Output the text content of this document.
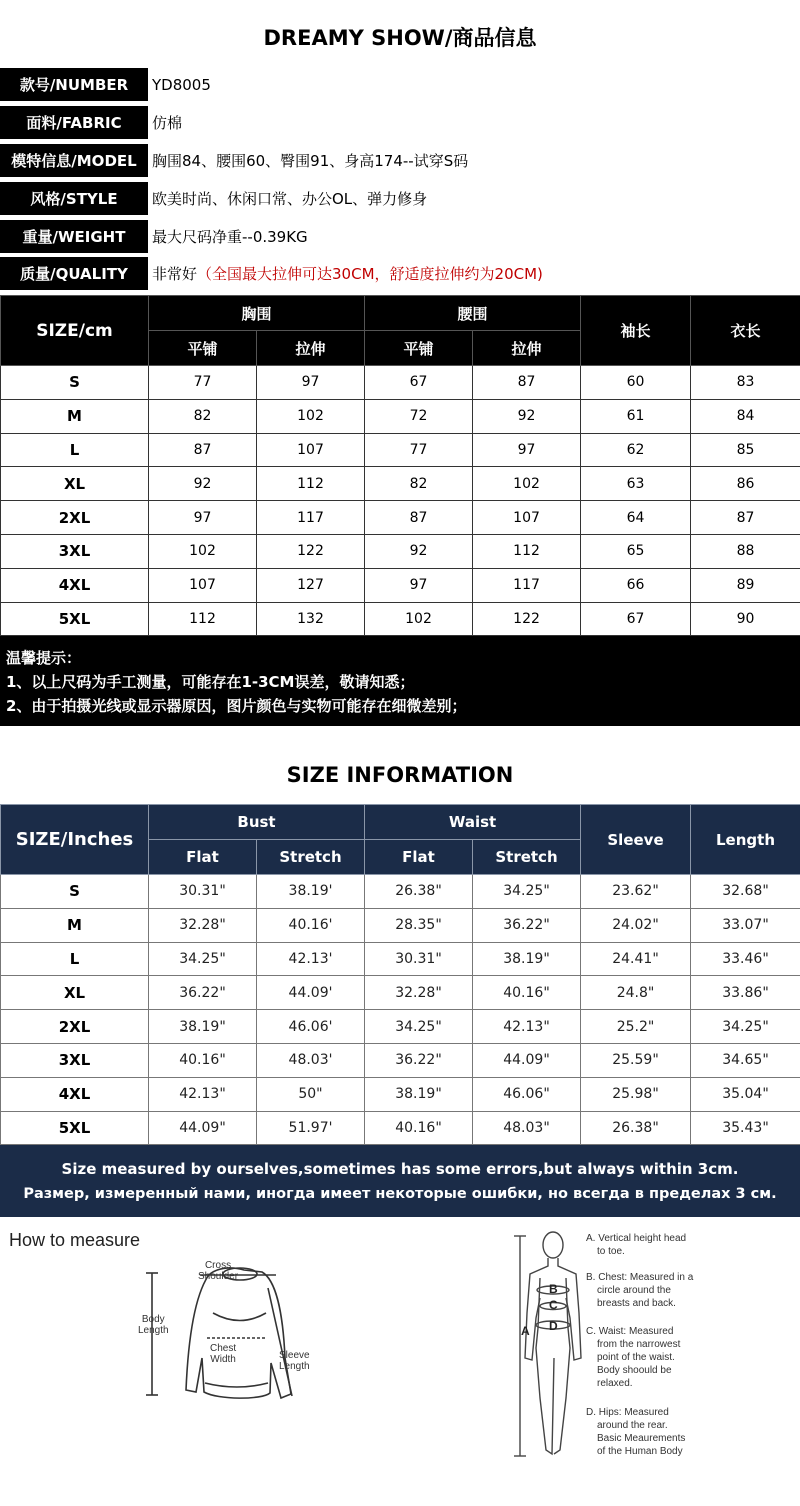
DREAMY SHOW/商品信息
款号/NUMBER	YD8005
面料/FABRIC	仿棉
模特信息/MODEL	胸围84、腰围60、臀围91、身高174--试穿S码
风格/STYLE	欧美时尚、休闲口常、办公OL、弹力修身
重量/WEIGHT	最大尺码净重--0.39KG
质量/QUALITY	非常好（全国最大拉伸可达30CM，舒适度拉伸约为20CM)
SIZE/cm	胸围		腰围		袖长	衣长
	平铺	拉伸	平铺	拉伸		
S	77	97	67	87	60	83
M	82	102	72	92	61	84
L	87	107	77	97	62	85
XL	92	112	82	102	63	86
2XL	97	117	87	107	64	87
3XL	102	122	92	112	65	88
4XL	107	127	97	117	66	89
5XL	112	132	102	122	67	90
温馨提示：
1、以上尺码为手工测量，可能存在1-3CM误差，敬请知悉；
2、由于拍摄光线或显示器原因，图片颜色与实物可能存在细微差别；
SIZE INFORMATION
SIZE/Inches	Bust		Waist		Sleeve	Length
	Flat	Stretch	Flat	Stretch		
S	30.31"	38.19'	26.38"	34.25"	23.62"	32.68"
M	32.28"	40.16'	28.35"	36.22"	24.02"	33.07"
L	34.25"	42.13'	30.31"	38.19"	24.41"	33.46"
XL	36.22"	44.09'	32.28"	40.16"	24.8"	33.86"
2XL	38.19"	46.06'	34.25"	42.13"	25.2"	34.25"
3XL	40.16"	48.03'	36.22"	44.09"	25.59"	34.65"
4XL	42.13"	50"	38.19"	46.06"	25.98"	35.04"
5XL	44.09"	51.97'	40.16"	48.03"	26.38"	35.43"
Size measured by ourselves,sometimes has some errors,but always within 3cm.
Размер, измеренный нами, иногда имеет некоторые ошибки, но всегда в пределах 3 см.
How to measure
Cross
Shoulder
Body
Length
Chest
Width	Sleeve
Length
A
B
C
D
A. Vertical height head
to toe.
B. Chest: Measured in a
circle around the
breasts and back.
C. Waist: Measured
from the narrowest
point of the waist.
Body shoould be
relaxed.
D. Hips: Measured
around the rear.
Basic Meaurements
of the Human Body
